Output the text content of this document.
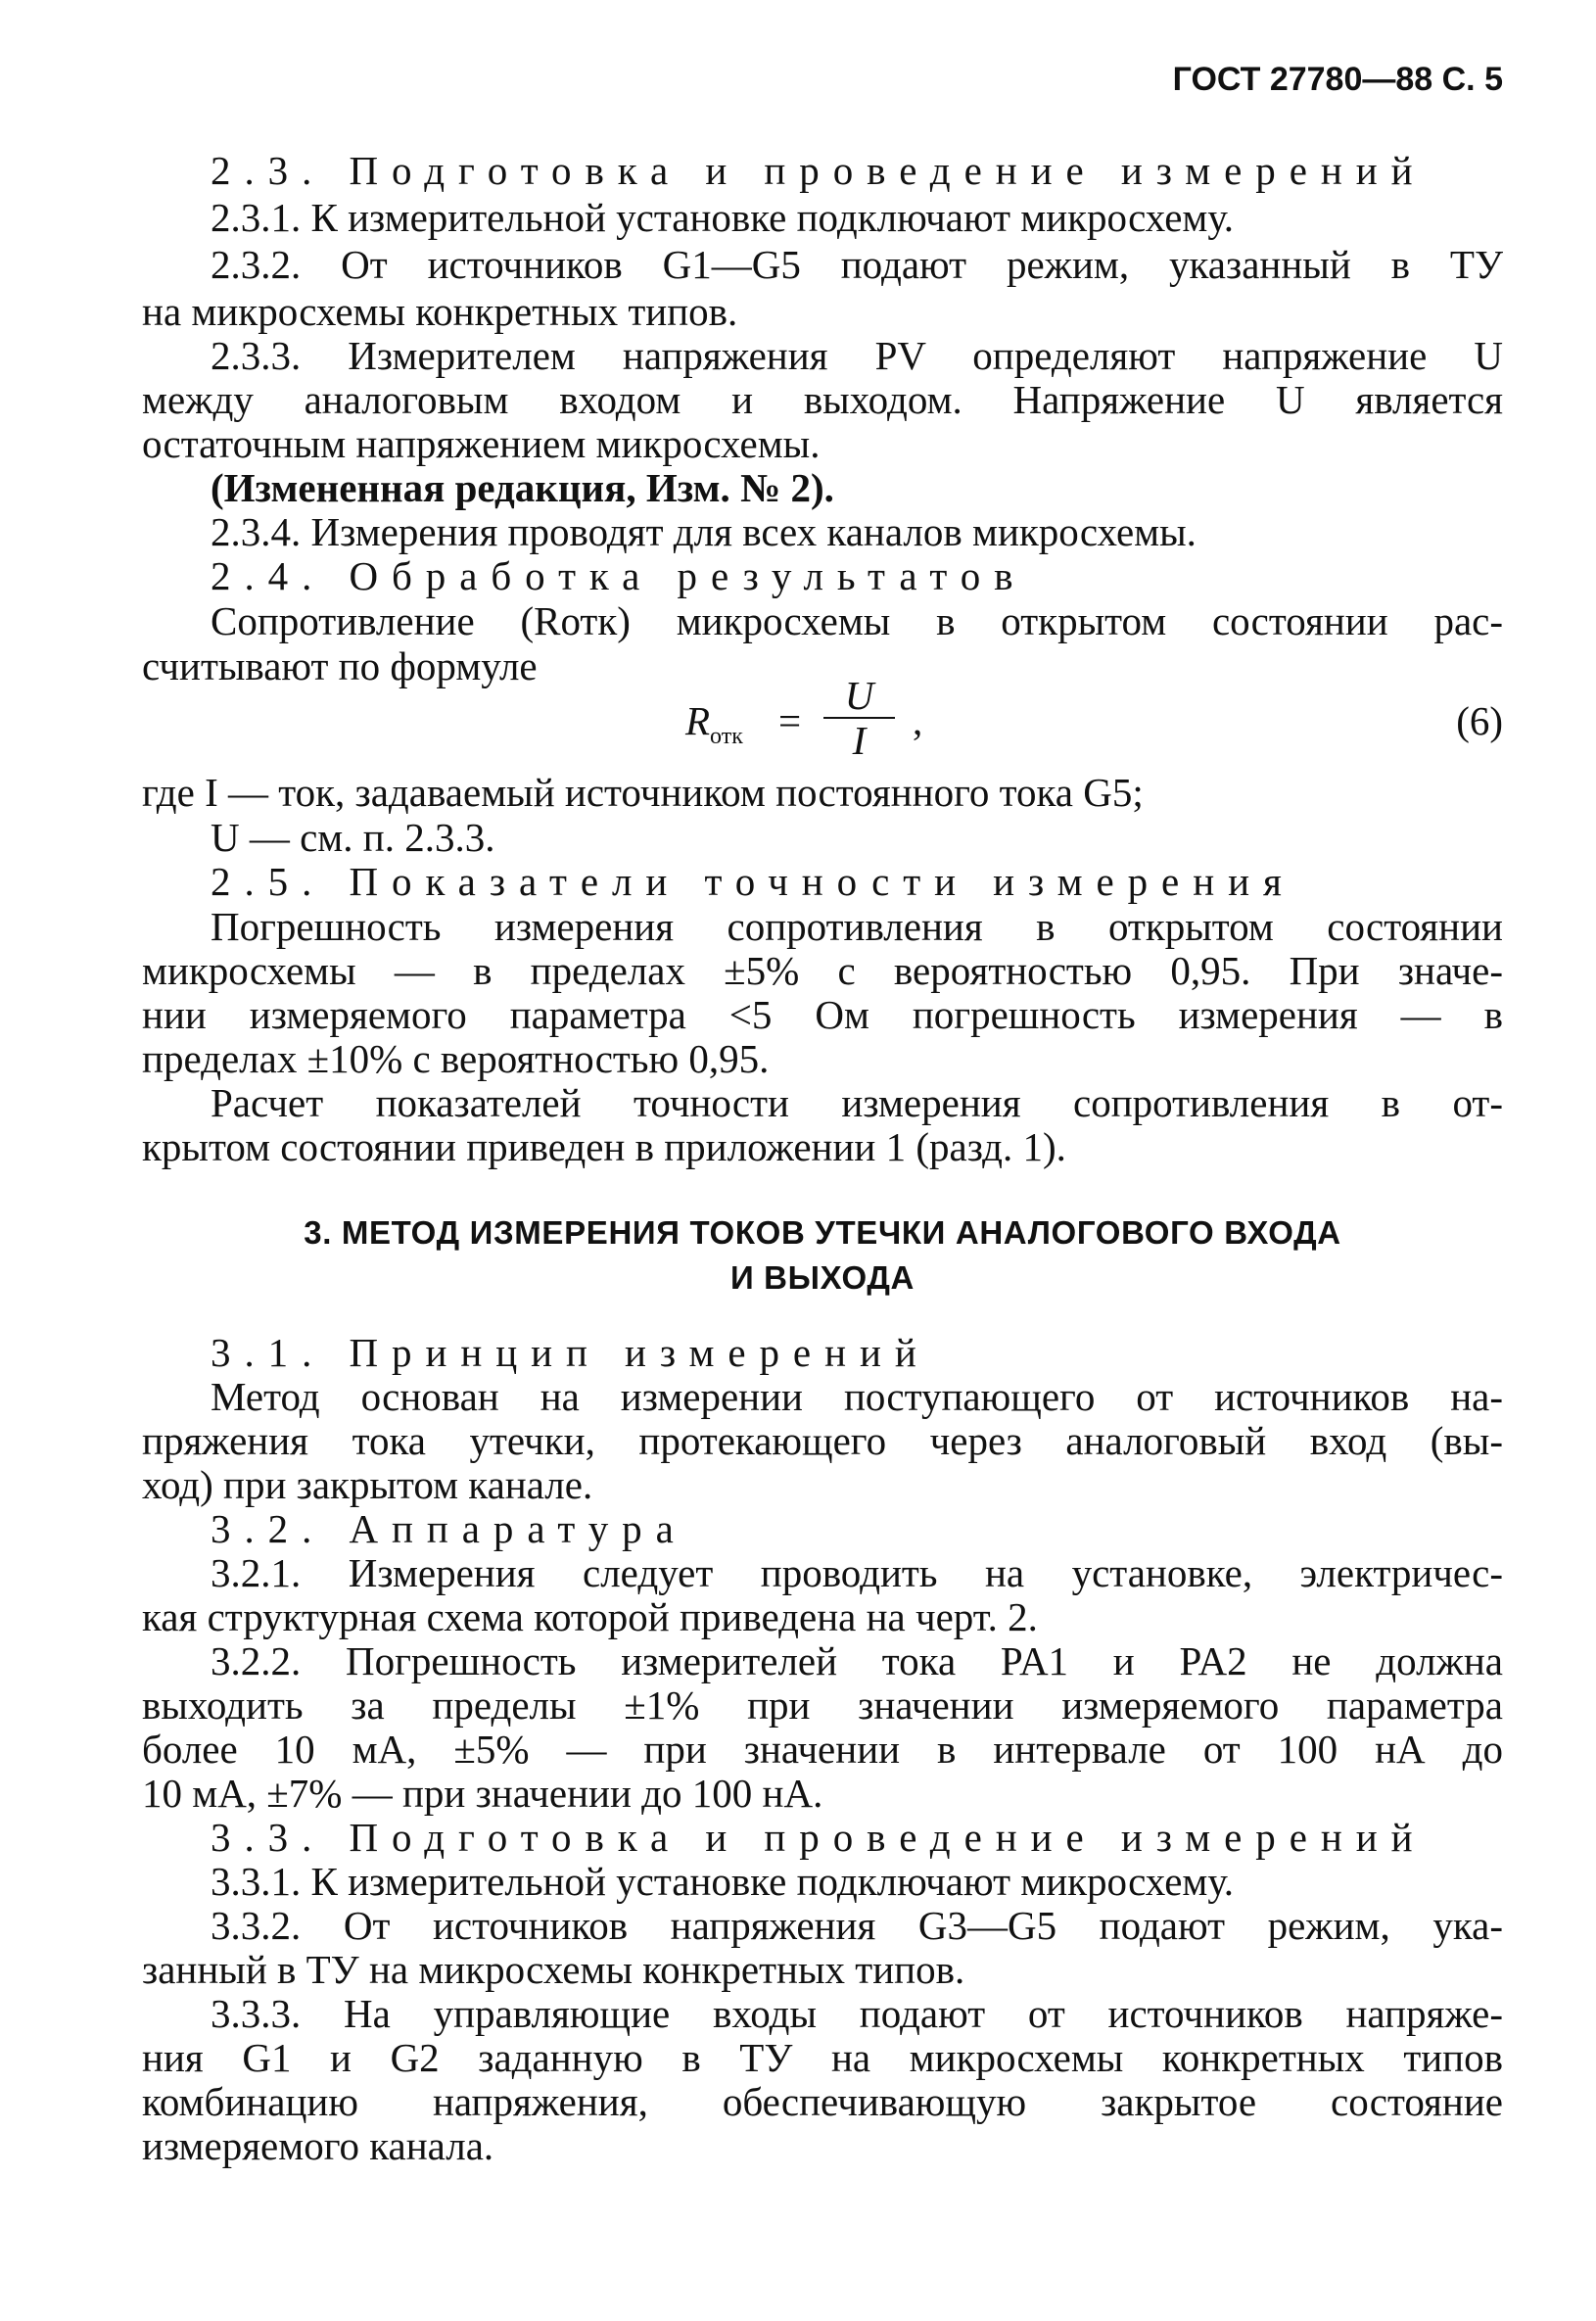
ГОСТ 27780—88 С. 5
2.3. Подготовка и проведение измерений
2.3.1. К измерительной установке подключают микросхему.
2.3.2. От источников G1—G5 подают режим, указанный в ТУ
на микросхемы конкретных типов.
2.3.3. Измерителем напряжения PV определяют напряжение U
между аналоговым входом и выходом. Напряжение U является
остаточным напряжением микросхемы.
(Измененная редакция, Изм. № 2).
2.3.4. Измерения проводят для всех каналов микросхемы.
2.4. Обработка результатов
Сопротивление (Rотк) микросхемы в открытом состоянии рас-
считывают по формуле
$R_{отк}$ =
U
I	,	(6)
где I — ток, задаваемый источником постоянного тока G5;
U — см. п. 2.3.3.
2.5. Показатели точности измерения
Погрешность измерения сопротивления в открытом состоянии
микросхемы — в пределах ±5% с вероятностью 0,95. При значе-
нии измеряемого параметра <5 Ом погрешность измерения — в
пределах ±10% с вероятностью 0,95.
Расчет показателей точности измерения сопротивления в от-
крытом состоянии приведен в приложении 1 (разд. 1).
3. МЕТОД ИЗМЕРЕНИЯ ТОКОВ УТЕЧКИ АНАЛОГОВОГО ВХОДА
И ВЫХОДА
3.1. Принцип измерений
Метод основан на измерении поступающего от источников на-
пряжения тока утечки, протекающего через аналоговый вход (вы-
ход) при закрытом канале.
3.2. Аппаратура
3.2.1. Измерения следует проводить на установке, электричес-
кая структурная схема которой приведена на черт. 2.
3.2.2. Погрешность измерителей тока PA1 и PA2 не должна
выходить за пределы ±1% при значении измеряемого параметра
более 10 мА, ±5% — при значении в интервале от 100 нА до
10 мА, ±7% — при значении до 100 нА.
3.3. Подготовка и проведение измерений
3.3.1. К измерительной установке подключают микросхему.
3.3.2. От источников напряжения G3—G5 подают режим, ука-
занный в ТУ на микросхемы конкретных типов.
3.3.3. На управляющие входы подают от источников напряже-
ния G1 и G2 заданную в ТУ на микросхемы конкретных типов
комбинацию напряжения, обеспечивающую закрытое состояние
измеряемого канала.
